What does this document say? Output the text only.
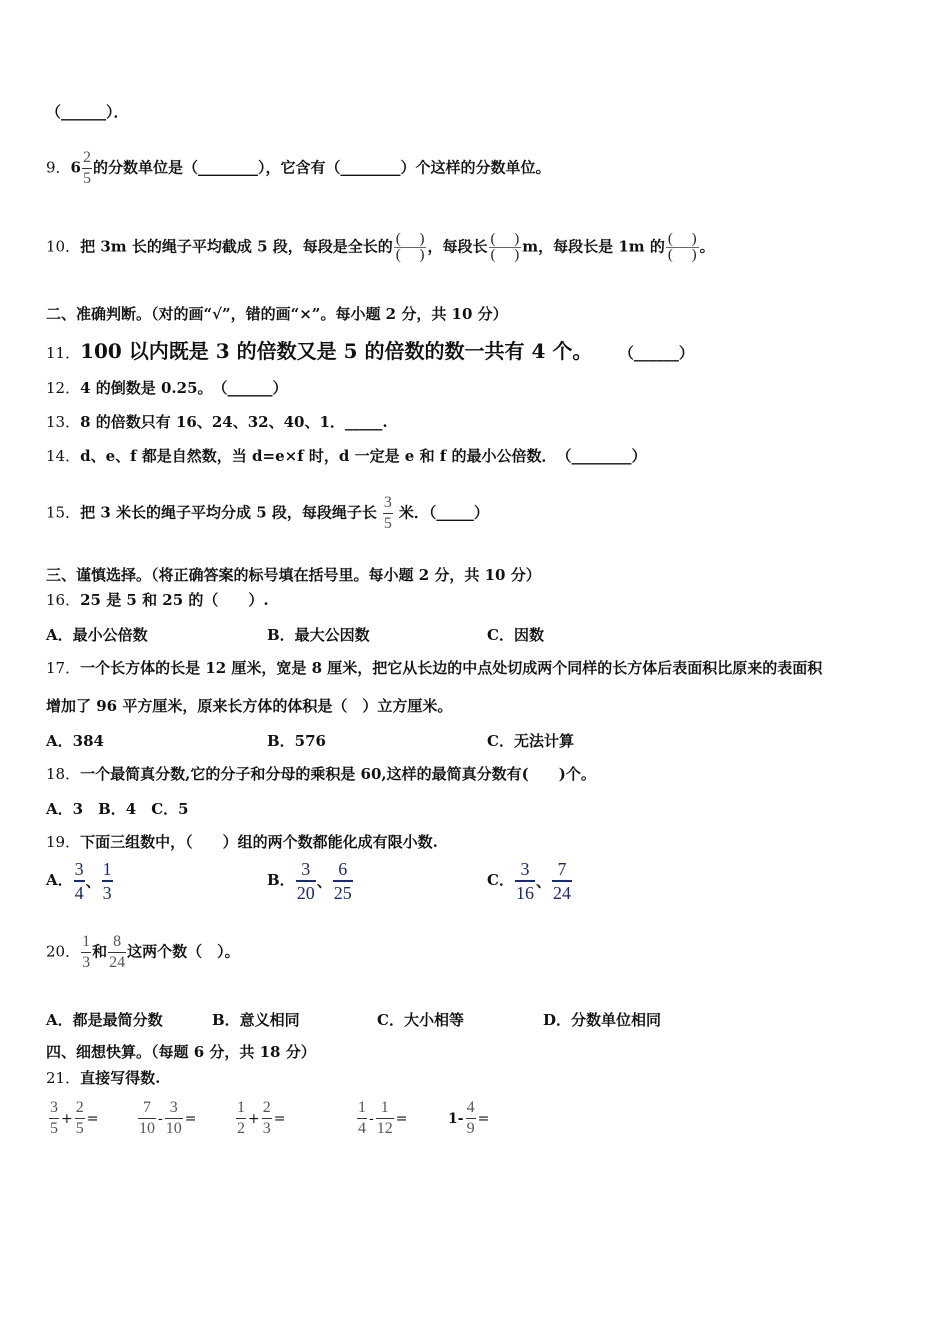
（______）．
9．$6 \frac{2}{5}$ 的分数单位是（________），它含有（________）个这样的分数单位。
10．把 3m 长的绳子平均截成 5 段，每段是全长的 $\frac{( )}{( )}$ ，每段长 $\frac{( )}{( )}$ m，每段长是 1m 的 $\frac{( )}{( )}$ 。
二、准确判断。（对的画“√”，错的画“×”。每小题 2 分，共 10 分）
11．100 以内既是 3 的倍数又是 5 的倍数的数一共有 4 个。 （______）
12．4 的倒数是 0.25。　（______）
13．8 的倍数只有 16、24、32、40、1．_____.
14．d、e、f 都是自然数，当 d=e×f 时，d 一定是 e 和 f 的最小公倍数．　（________）
15．把 3 米长的绳子平均分成 5 段，每段绳子长 $\frac{3}{5}$ 米．（_____）
三、谨慎选择。（将正确答案的标号填在括号里。每小题 2 分，共 10 分）
16．25 是 5 和 25 的（　　）.
A．最小公倍数	B．最大公因数	C．因数
17．一个长方体的长是 12 厘米，宽是 8 厘米，把它从长边的中点处切成两个同样的长方体后表面积比原来的表面积
增加了 96 平方厘米，原来长方体的体积是（　）立方厘米。
A．384	B．576	C．无法计算
18．一个最简真分数,它的分子和分母的乘积是 60,这样的最简真分数有(　　)个。
A．3　B．4　C．5
19．下面三组数中，（　　）组的两个数都能化成有限小数.
A． $\frac{3}{4}$ 、 $\frac{1}{3}$	B． $\frac{3}{20}$ 、 $\frac{6}{25}$	C． $\frac{3}{16}$ 、 $\frac{7}{24}$
20． $\frac{1}{3}$ 和 $\frac{8}{24}$ 这两个数（　）。
A．都是最简分数	B．意义相同	C．大小相等	D．分数单位相同
四、细想快算。（每题 6 分，共 18 分）
21．直接写得数.
$\frac{3}{5} + \frac{2}{5} = \frac{7}{10} - \frac{3}{10} = \frac{1}{2} + \frac{2}{3}$ =	$\frac{1}{4} - \frac{1}{12}$ =	$1- \frac{4}{9}$ =
